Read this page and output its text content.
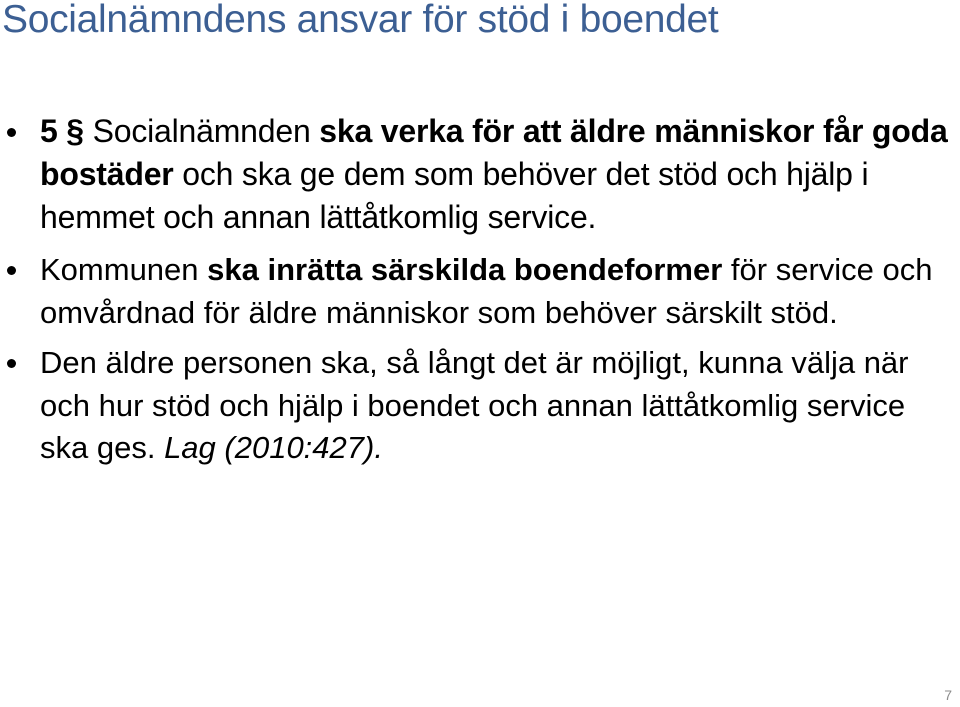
Socialnämndens ansvar för stöd i boendet
5 § Socialnämnden ska verka för att äldre människor får goda bostäder och ska ge dem som behöver det stöd och hjälp i hemmet och annan lättåtkomlig service.
Kommunen ska inrätta särskilda boendeformer för service och omvårdnad för äldre människor som behöver särskilt stöd.
Den äldre personen ska, så långt det är möjligt, kunna välja när och hur stöd och hjälp i boendet och annan lättåtkomlig service ska ges. Lag (2010:427).
7
